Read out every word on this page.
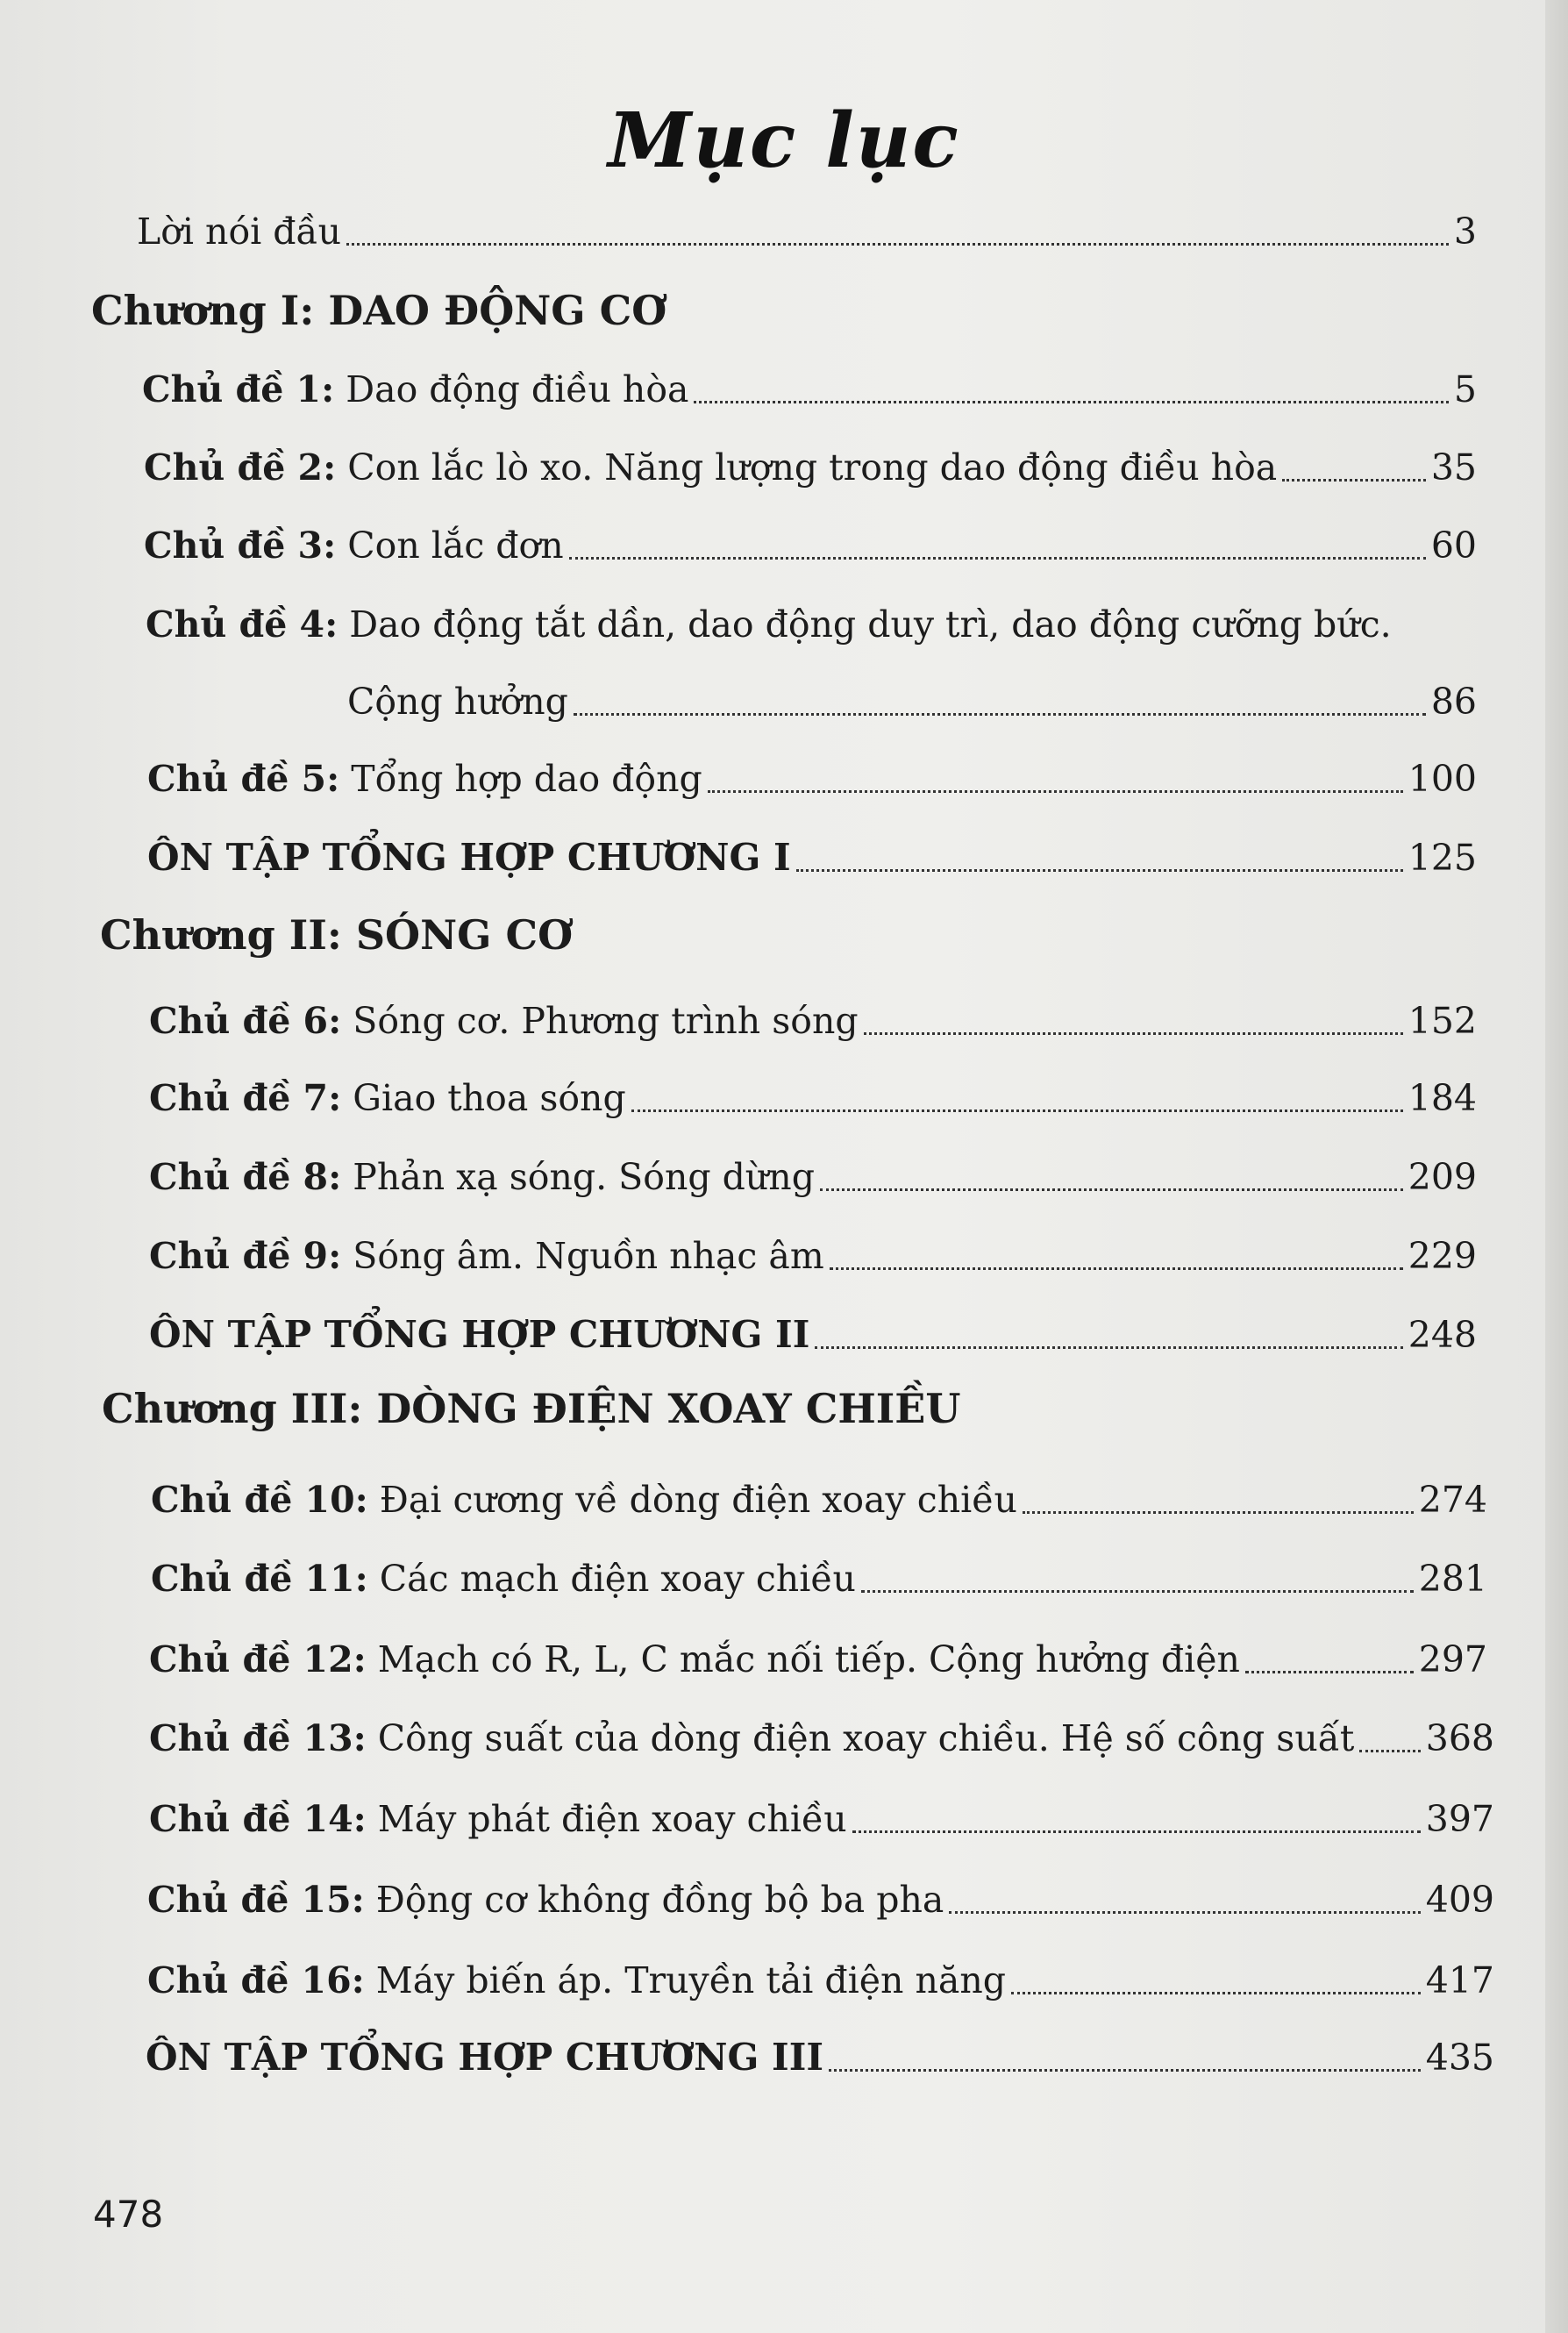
Mục lục
Lời nói đầu	3
Chương I: DAO ĐỘNG CƠ
Chủ đề 1: Dao động điều hòa	5
Chủ đề 2: Con lắc lò xo. Năng lượng trong dao động điều hòa	35
Chủ đề 3: Con lắc đơn	60
Chủ đề 4: Dao động tắt dần, dao động duy trì, dao động cưỡng bức.
Cộng hưởng	86
Chủ đề 5: Tổng hợp dao động	100
ÔN TẬP TỔNG HỢP CHƯƠNG I	125
Chương II: SÓNG CƠ
Chủ đề 6: Sóng cơ. Phương trình sóng	152
Chủ đề 7: Giao thoa sóng	184
Chủ đề 8: Phản xạ sóng. Sóng dừng	209
Chủ đề 9: Sóng âm. Nguồn nhạc âm	229
ÔN TẬP TỔNG HỢP CHƯƠNG II	248
Chương III: DÒNG ĐIỆN XOAY CHIỀU
Chủ đề 10: Đại cương về dòng điện xoay chiều	274
Chủ đề 11: Các mạch điện xoay chiều	281
Chủ đề 12: Mạch có R, L, C mắc nối tiếp. Cộng hưởng điện	297
Chủ đề 13: Công suất của dòng điện xoay chiều. Hệ số công suất 368
Chủ đề 14: Máy phát điện xoay chiều	397
Chủ đề 15: Động cơ không đồng bộ ba pha	409
Chủ đề 16: Máy biến áp. Truyền tải điện năng	417
ÔN TẬP TỔNG HỢP CHƯƠNG III	435
478
